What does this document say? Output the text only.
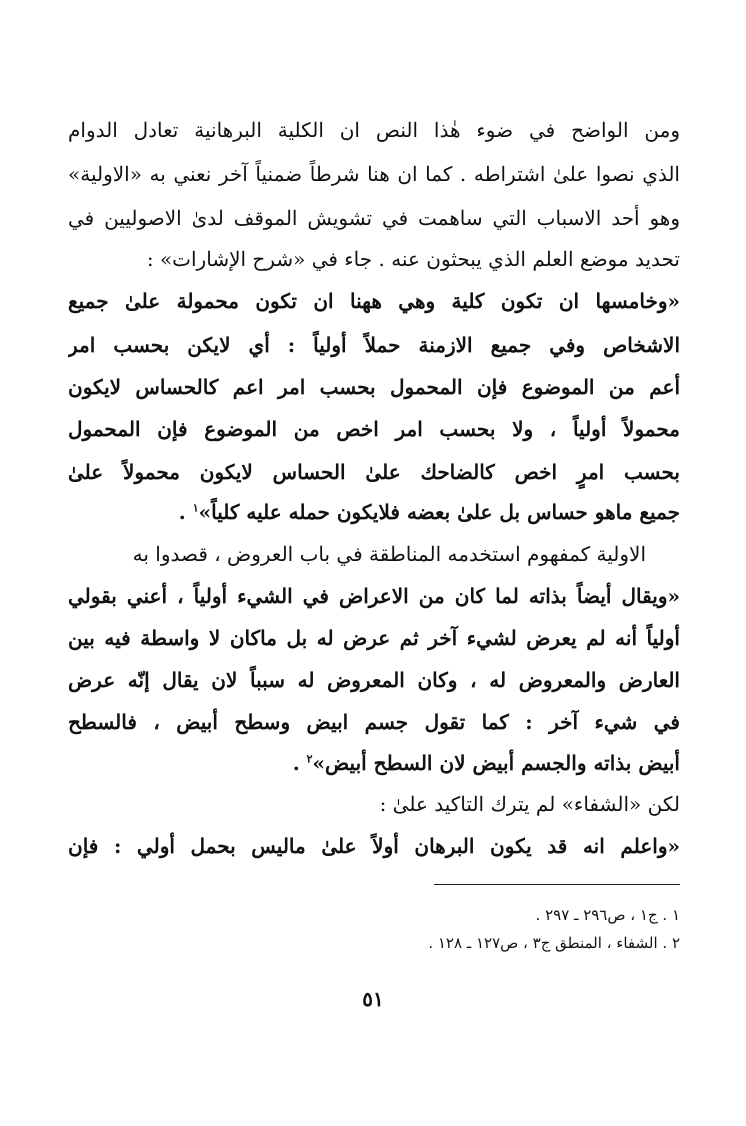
ومن الواضح في ضوء هٰذا النص ان الكلية البرهانية تعادل الدوام
الذي نصوا علىٰ اشتراطه . كما ان هنا شرطاً ضمنياً آخر نعني به «الاولية»
وهو أحد الاسباب التي ساهمت في تشويش الموقف لدىٰ الاصوليين في
تحديد موضع العلم الذي يبحثون عنه . جاء في «شرح الإشارات» :
«وخامسها ان تكون كلية وهي ههنا ان تكون محمولة علىٰ جميع
الاشخاص وفي جميع الازمنة حملاً أولياً : أي لايكن بحسب امر
أعم من الموضوع فإن المحمول بحسب امر اعم كالحساس لايكون
محمولاً أولياً ، ولا بحسب امر اخص من الموضوع فإن المحمول
بحسب امرٍ اخص كالضاحك علىٰ الحساس لايكون محمولاً علىٰ
جميع ماهو حساس بل علىٰ بعضه فلايكون حمله عليه كلياً»$^١$ .
الاولية كمفهوم استخدمه المناطقة في باب العروض ، قصدوا به
«ويقال أيضاً بذاته لما كان من الاعراض في الشيء أولياً ، أعني بقولي
أولياً أنه لم يعرض لشيء آخر ثم عرض له بل ماكان لا واسطة فيه بين
العارض والمعروض له ، وكان المعروض له سبباً لان يقال إنّه عرض
في شيء آخر : كما تقول جسم ابيض وسطح أبيض ، فالسطح
أبيض بذاته والجسم أبيض لان السطح أبيض»$^٢$ .
لكن «الشفاء» لم يترك التاكيد علىٰ :
«واعلم انه قد يكون البرهان أولاً علىٰ ماليس بحمل أولي : فإن
١ . ج١ ، ص٢٩٦ ـ ٢٩٧ .
٢ . الشفاء ، المنطق ج٣ ، ص١٢٧ ـ ١٢٨ .
٥١
